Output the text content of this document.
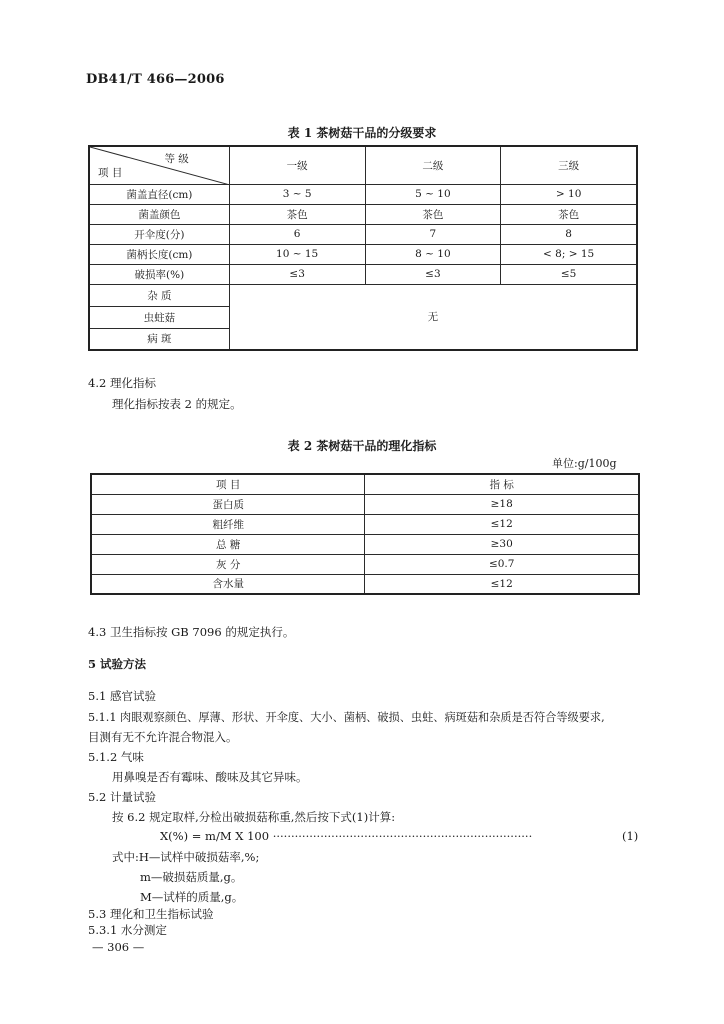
DB41/T 466—2006
表 1 茶树菇干品的分级要求
等 级
项 目	一级	二级	三级
菌盖直径(cm)	3 ~ 5	5 ~ 10	> 10
菌盖颜色	茶色	茶色	茶色
开伞度(分)	6	7	8
菌柄长度(cm)	10 ~ 15	8 ~ 10	< 8; > 15
破损率(%)	≤3	≤3	≤5
杂 质	无		
虫蛀菇			
病 斑			
4.2 理化指标
理化指标按表 2 的规定。
表 2 茶树菇干品的理化指标
单位:g/100g
项 目	指 标
蛋白质	≥18
粗纤维	≤12
总 糖	≥30
灰 分	≤0.7
含水量	≤12
4.3 卫生指标按 GB 7096 的规定执行。
5 试验方法
5.1 感官试验
5.1.1 肉眼观察颜色、厚薄、形状、开伞度、大小、菌柄、破损、虫蛀、病斑菇和杂质是否符合等级要求,
目测有无不允许混合物混入。
5.1.2 气味
用鼻嗅是否有霉味、酸味及其它异味。
5.2 计量试验
按 6.2 规定取样,分检出破损菇称重,然后按下式(1)计算:
X(%) = m/M X 100 ·······································································	(1)
式中:H—试样中破损菇率,%;
m—破损菇质量,g。
M—试样的质量,g。
5.3 理化和卫生指标试验
5.3.1 水分测定
— 306 —
